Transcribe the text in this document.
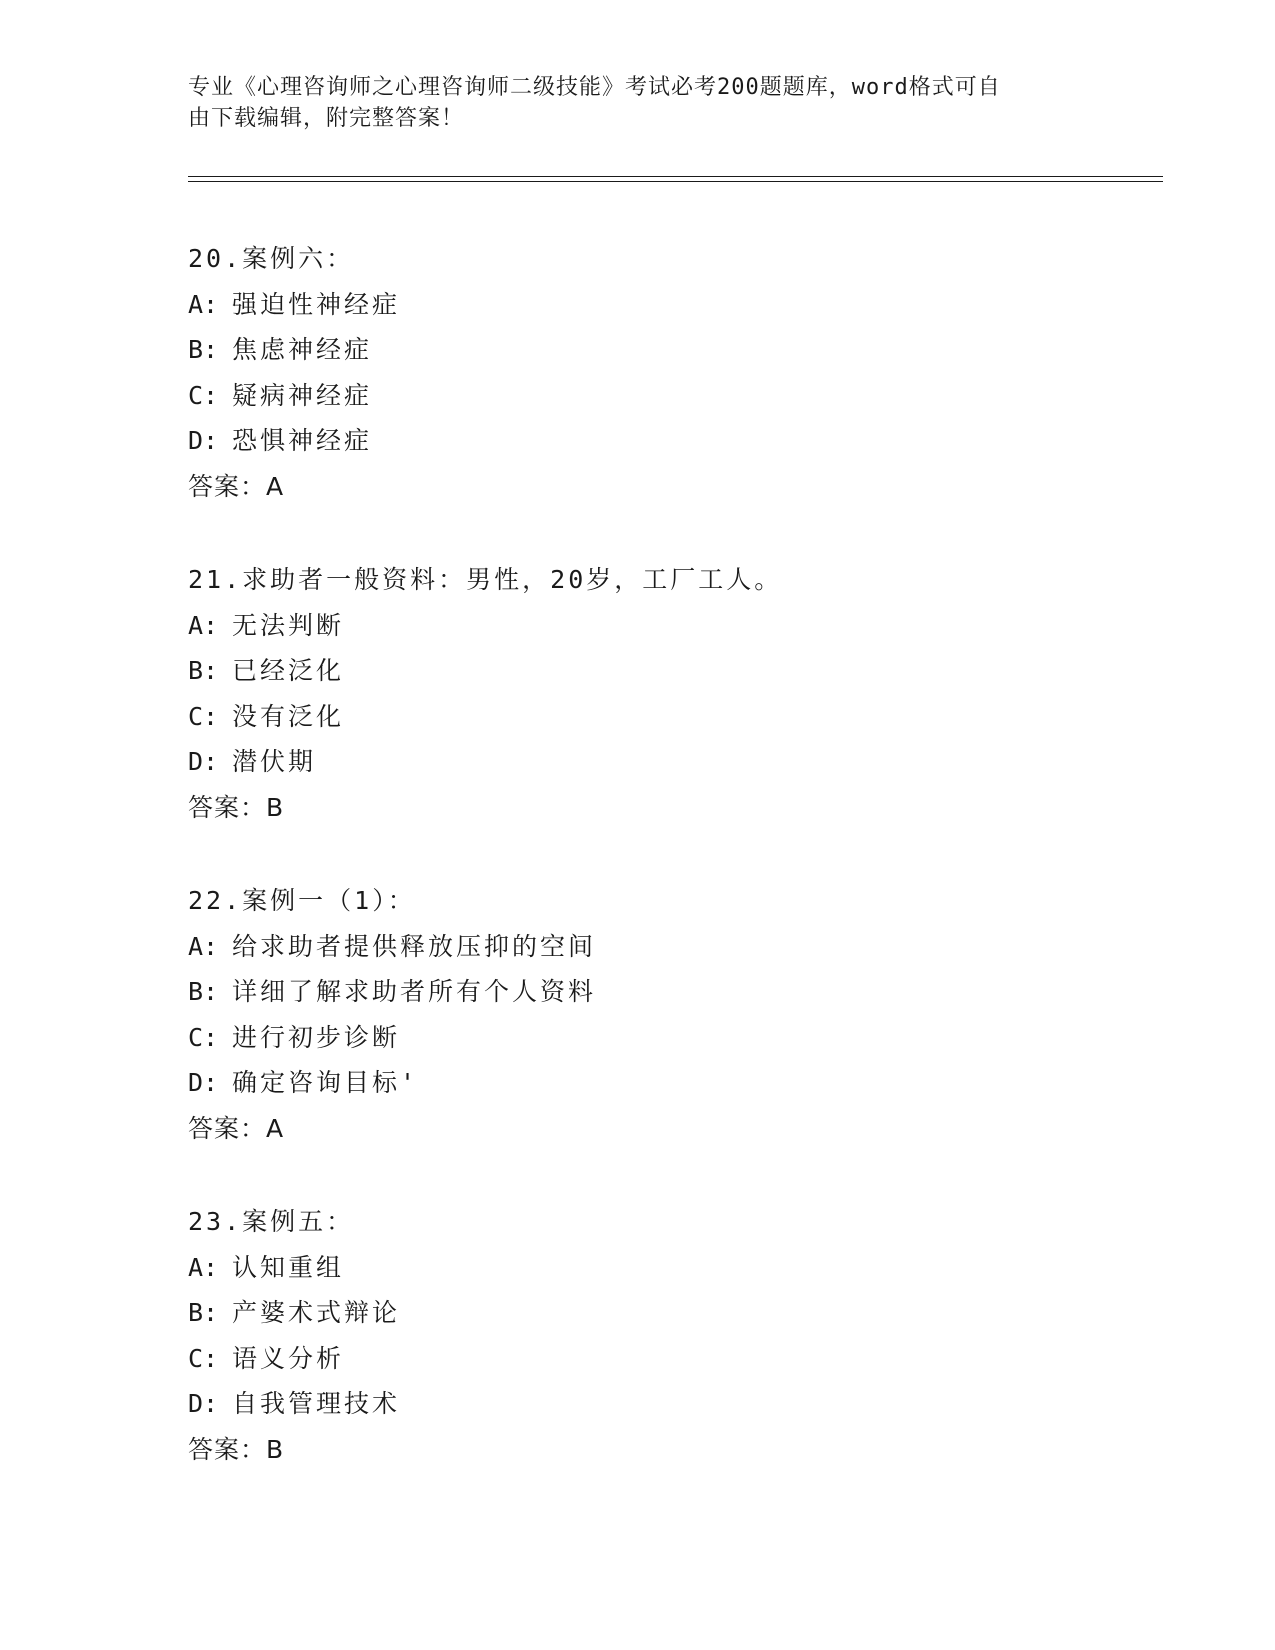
专业《心理咨询师之心理咨询师二级技能》考试必考200题题库，word格式可自
由下载编辑，附完整答案！
20.案例六：
A: 强迫性神经症
B: 焦虑神经症
C: 疑病神经症
D: 恐惧神经症
答案：A
21.求助者一般资料：男性，20岁，工厂工人。
A: 无法判断
B: 已经泛化
C: 没有泛化
D: 潜伏期
答案：B
22.案例一（1）：
A: 给求助者提供释放压抑的空间
B: 详细了解求助者所有个人资料
C: 进行初步诊断
D: 确定咨询目标'
答案：A
23.案例五：
A: 认知重组
B: 产婆术式辩论
C: 语义分析
D: 自我管理技术
答案：B
